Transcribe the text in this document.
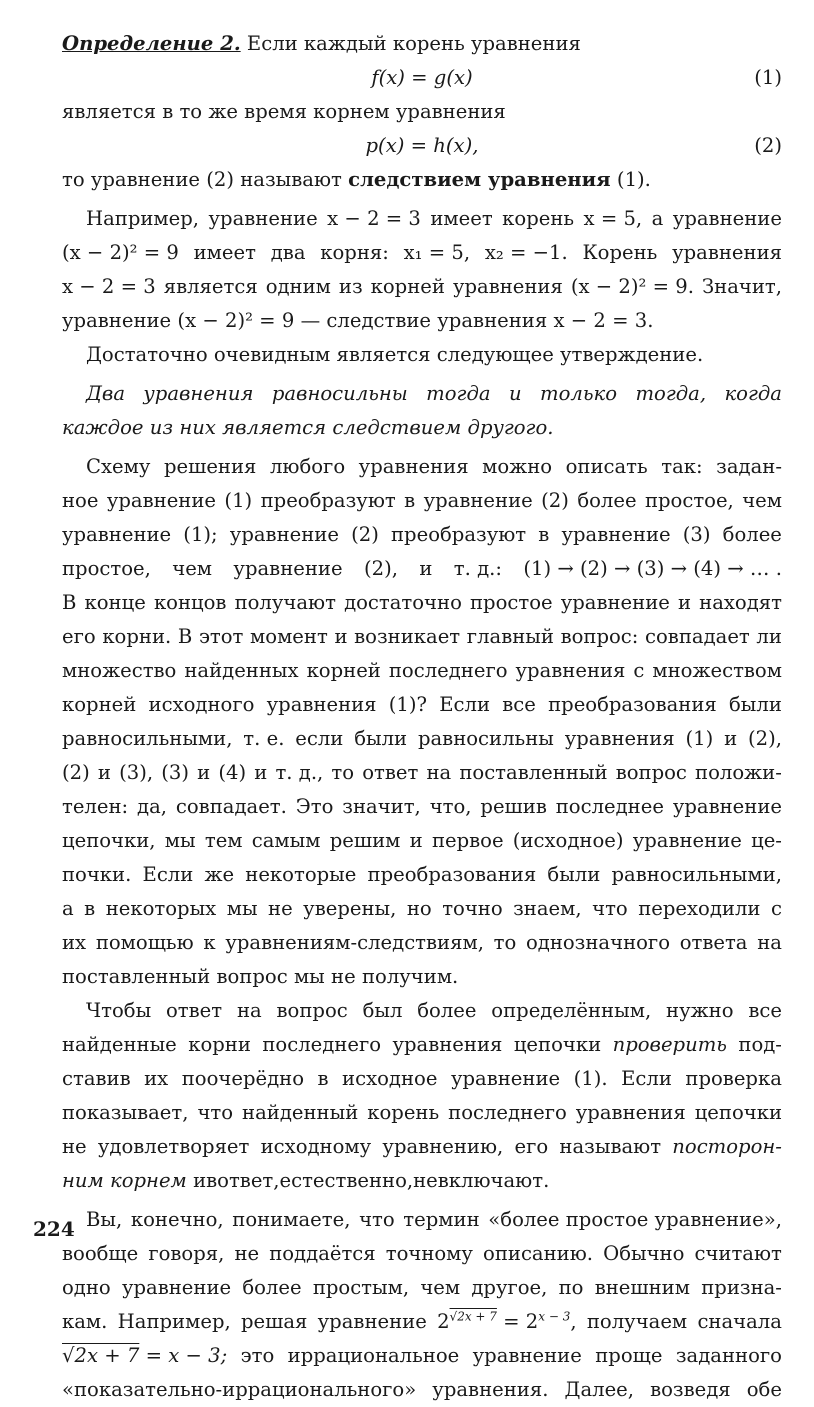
Определение 2. Если каждый корень уравнения
f(x) = g(x)	(1)
является в то же время корнем уравнения
p(x) = h(x),	(2)
то уравнение (2) называют следствием уравнения (1).
Например, уравнение x − 2 = 3 имеет корень x = 5, а уравнение
(x − 2)² = 9 имеет два корня: x₁ = 5, x₂ = −1. Корень уравнения
x − 2 = 3 является одним из корней уравнения (x − 2)² = 9. Значит,
уравнение (x − 2)² = 9 — следствие уравнения x − 2 = 3.
Достаточно очевидным является следующее утверждение.
Два уравнения равносильны тогда и только тогда, когда
каждое из них является следствием другого.
Схему решения любого уравнения можно описать так: задан-
ное уравнение (1) преобразуют в уравнение (2) более простое, чем
уравнение (1); уравнение (2) преобразуют в уравнение (3) более
простое, чем уравнение (2), и т. д.: (1) → (2) → (3) → (4) → … .
В конце концов получают достаточно простое уравнение и находят
его корни. В этот момент и возникает главный вопрос: совпадает ли
множество найденных корней последнего уравнения с множеством
корней исходного уравнения (1)? Если все преобразования были
равносильными, т. е. если были равносильны уравнения (1) и (2),
(2) и (3), (3) и (4) и т. д., то ответ на поставленный вопрос положи-
телен: да, совпадает. Это значит, что, решив последнее уравнение
цепочки, мы тем самым решим и первое (исходное) уравнение це-
почки. Если же некоторые преобразования были равносильными,
а в некоторых мы не уверены, но точно знаем, что переходили с
их помощью к уравнениям-следствиям, то однозначного ответа на
поставленный вопрос мы не получим.
Чтобы ответ на вопрос был более определённым, нужно все
найденные корни последнего уравнения цепочки проверить под-
ставив их поочерёдно в исходное уравнение (1). Если проверка
показывает, что найденный корень последнего уравнения цепочки
не удовлетворяет исходному уравнению, его называют посторон-
ним корнем и в ответ, естественно, не включают.
Вы, конечно, понимаете, что термин «более простое уравнение»,
вообще говоря, не поддаётся точному описанию. Обычно считают
одно уравнение более простым, чем другое, по внешним призна-
кам. Например, решая уравнение $2^{√2x + 7} = 2^{x - 3}$, получаем сначала
√2x + 7 = x − 3; это иррациональное уравнение проще заданного
«показательно-иррационального» уравнения. Далее, возведя обе
224
